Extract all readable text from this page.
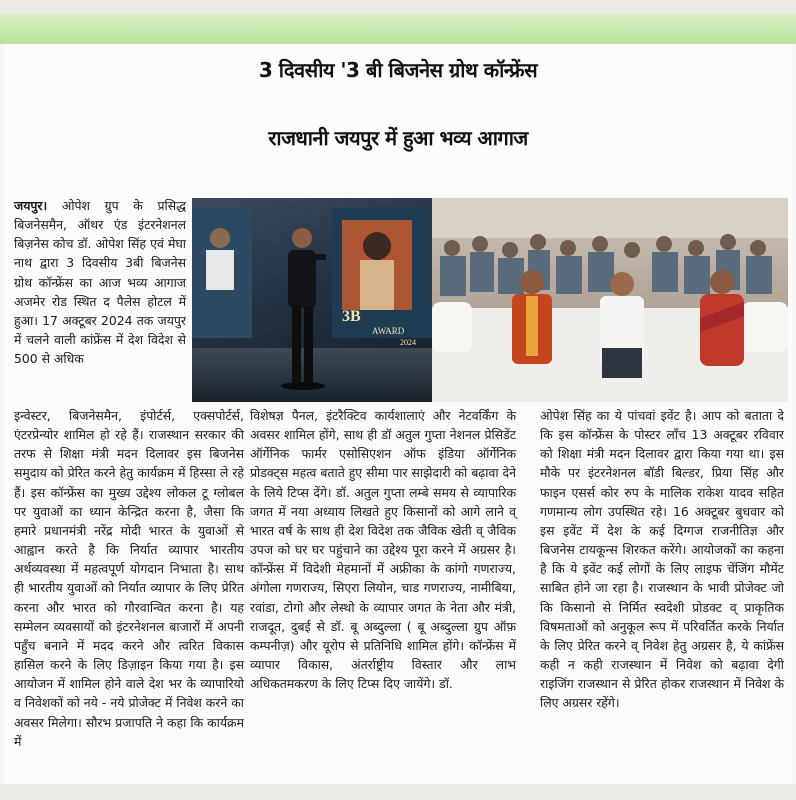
3 दिवसीय '3 बी बिजनेस ग्रोथ कॉन्फ्रेंस
राजधानी जयपुर में हुआ भव्य आगाज
3B
AWARD
2024

जयपुर। ओपेश ग्रुप के प्रसिद्ध बिजनेसमैन, ऑथर एंड इंटरनेशनल बिज़नेस कोच डॉ. ओपेश सिंह एवं मेघा नाथ द्वारा 3 दिवसीय 3बी बिजनेस ग्रोथ कॉन्फ्रेंस का आज भव्य आगाज अजमेर रोड स्थित द पैलेस होटल में हुआ। 17 अक्टूबर 2024 तक जयपुर में चलने वाली कांफ्रेंस में देश विदेश से 500 से अधिक

इन्वेस्टर, बिजनेसमैन, इंपोर्टर्स, एक्सपोर्टर्स, एंटरप्रेन्योर शामिल हो रहे हैं। राजस्थान सरकार की तरफ से शिक्षा मंत्री मदन दिलावर इस बिजनेस समुदाय को प्रेरित करने हेतु कार्यक्रम में हिस्सा ले रहे हैं। इस कॉन्फ्रेंस का मुख्य उद्देश्य लोकल टू ग्लोबल पर युवाओं का ध्यान केन्द्रित करना है, जैसा कि हमारे प्रधानमंत्री नरेंद्र मोदी भारत के युवाओं से आह्वान करते है कि निर्यात व्यापार भारतीय अर्थव्यवस्था में महत्वपूर्ण योगदान निभाता है। साथ ही भारतीय युवाओं को निर्यात व्यापार के लिए प्रेरित करना और भारत को गौरवान्वित करना है। यह सम्मेलन व्यवसायों को इंटरनेशनल बाजारों में अपनी पहुँच बनाने में मदद करने और त्वरित विकास हासिल करने के लिए डिज़ाइन किया गया है। इस आयोजन में शामिल होने वाले देश भर के व्यापारियो व निवेशकों को नये - नये प्रोजेक्ट में निवेश करने का अवसर मिलेगा। सौरभ प्रजापति ने कहा कि कार्यक्रम में

विशेषज्ञ पैनल, इंटरैक्टिव कार्यशालाएं और नेटवर्किंग के अवसर शामिल होंगे, साथ ही डॉ अतुल गुप्ता नेशनल प्रेसिडेंट ऑर्गेनिक फार्मर एसोसिएशन ऑफ इंडिया ऑर्गेनिक प्रोडक्ट्स महत्व बताते हुए सीमा पार साझेदारी को बढ़ावा देने के लिये टिप्स देंगे। डॉ. अतुल गुप्ता लम्बे समय से व्यापारिक जगत में नया अध्याय लिखते हुए किसानों को आगे लाने व् भारत वर्ष के साथ ही देश विदेश तक जैविक खेती व् जैविक उपज को घर घर पहुंचाने का उद्देश्य पूरा करने में अग्रसर है। कॉन्फ्रेंस में विदेशी मेहमानों में अफ्रीका के कांगो गणराज्य, अंगोला गणराज्य, सिएरा लियोन, चाड गणराज्य, नामीबिया, रवांडा, टोगो और लेस्थो के व्यापार जगत के नेता और मंत्री, राजदूत, दुबई से डॉ. बू अब्दुल्ला ( बू अब्दुल्ला ग्रुप ऑफ़ कम्पनीज़) और यूरोप से प्रतिनिधि शामिल होंगे। कॉन्फ्रेंस में व्यापार विकास, अंतर्राष्ट्रीय विस्तार और लाभ अधिकतमकरण के लिए टिप्स दिए जायेंगे। डॉ.

ओपेश सिंह का ये पांचवां इवेंट है। आप को बताता दे कि इस कॉन्फ्रेंस के पोस्टर लॉंच 13 अक्टूबर रविवार को शिक्षा मंत्री मदन दिलावर द्वारा किया गया था। इस मौके पर इंटरनेशनल बॉडी बिल्डर, प्रिया सिंह और फाइन एसर्स कोर रुप के मालिक राकेश यादव सहित गणमान्य लोग उपस्थित रहे। 16 अक्टूबर बुधवार को इस इवेंट में देश के कई दिग्गज राजनीतिज्ञ और बिजनेस टायकून्स शिरकत करेंगे। आयोजकों का कहना है कि ये इवेंट कई लोगों के लिए लाइफ चेंजिंग मौमेंट साबित होने जा रहा है। राजस्थान के भावी प्रोजेक्ट जो कि किसानो से निर्मित स्वदेशी प्रोडक्ट व् प्राकृतिक विषमताओं को अनुकूल रूप में परिवर्तित करके निर्यात के लिए प्रेरित करने व् निवेश हेतु अग्रसर है, ये कांफ्रेंस कही न कही राजस्थान में निवेश को बढ़ावा देगी राइजिंग राजस्थान से प्रेरित होकर राजस्थान में निवेश के लिए अग्रसर रहेंगे।
